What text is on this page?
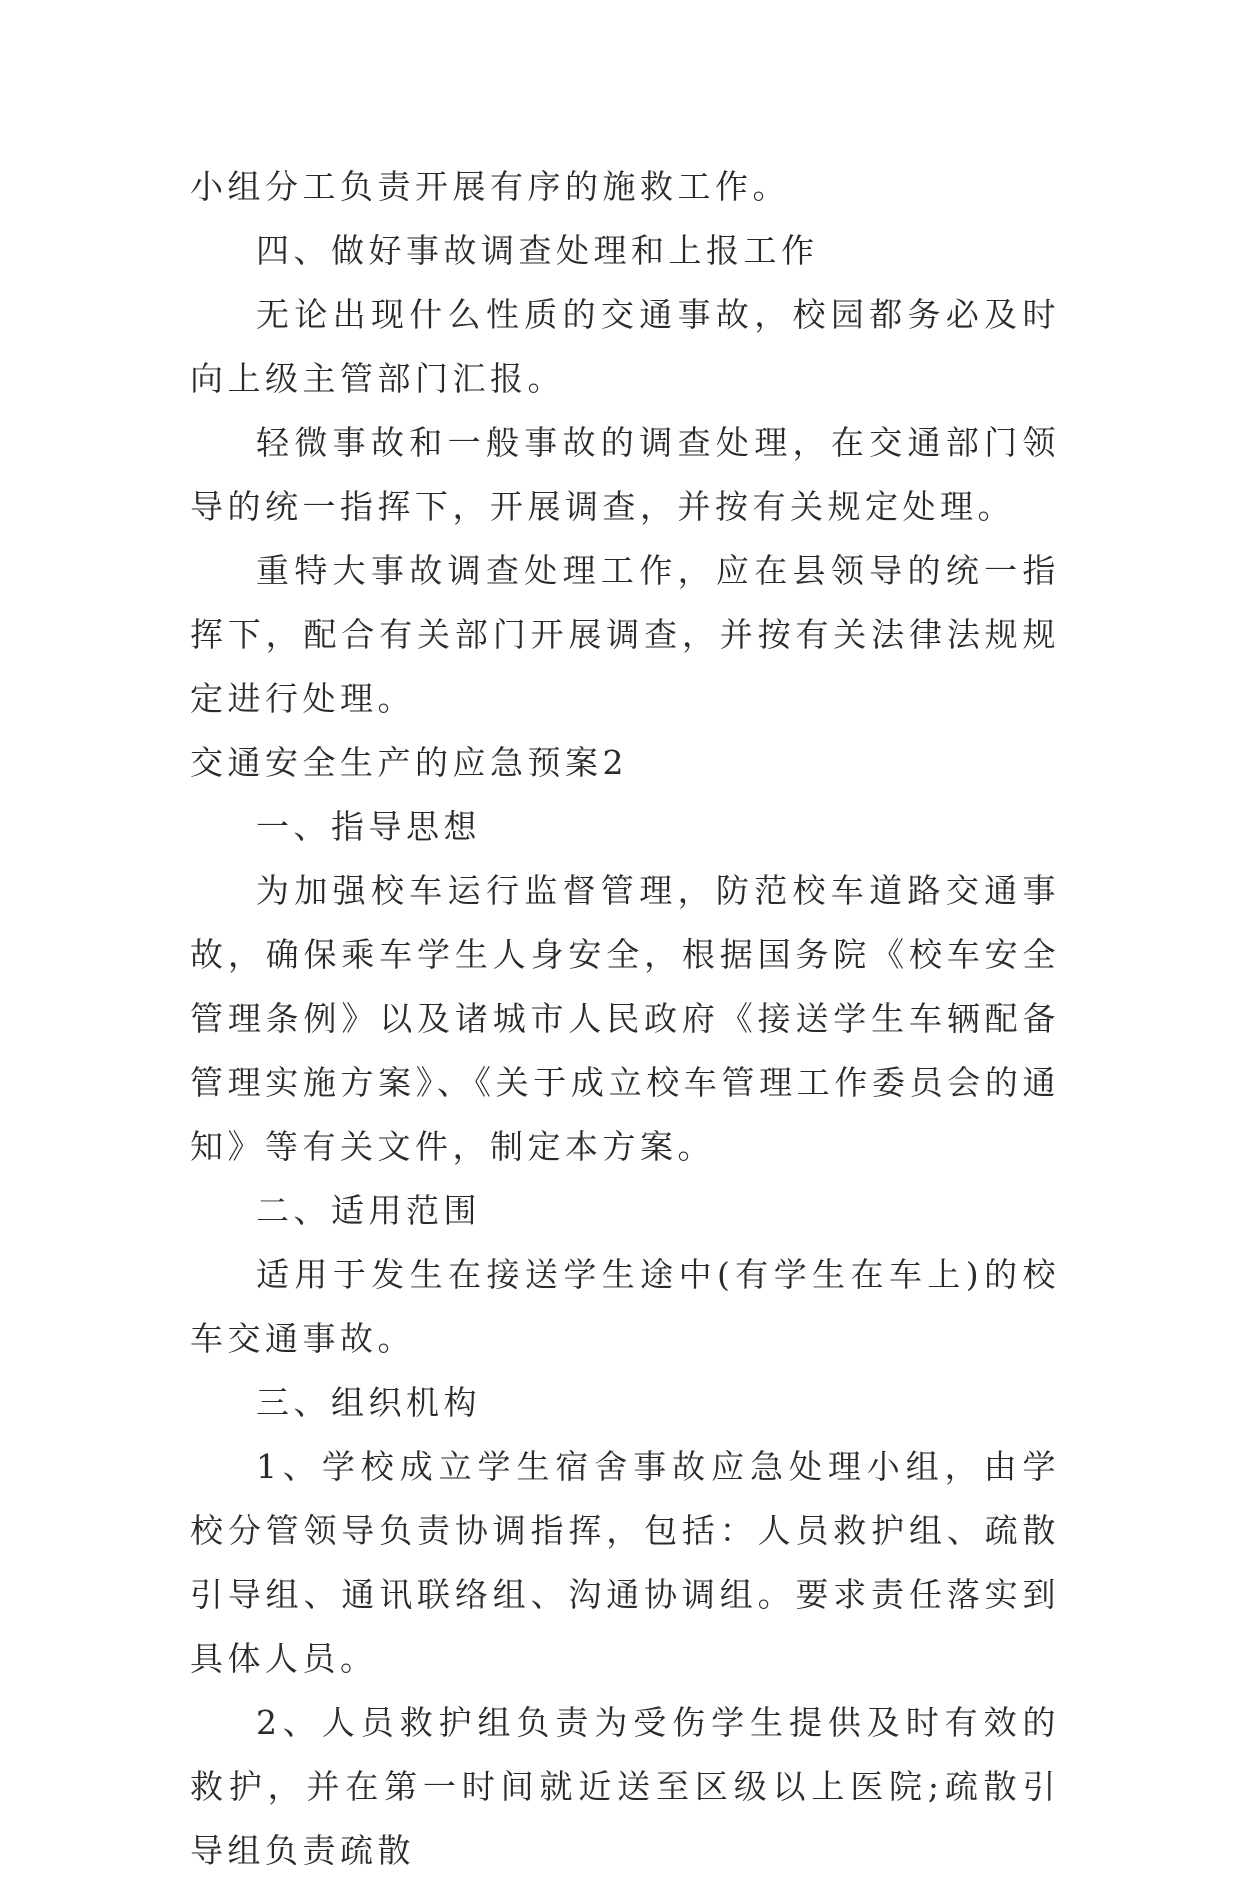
小组分工负责开展有序的施救工作。

四、做好事故调查处理和上报工作

无论出现什么性质的交通事故，校园都务必及时向上级主管部门汇报。

轻微事故和一般事故的调查处理，在交通部门领导的统一指挥下，开展调查，并按有关规定处理。

重特大事故调查处理工作，应在县领导的统一指挥下，配合有关部门开展调查，并按有关法律法规规定进行处理。

交通安全生产的应急预案2

一、指导思想

为加强校车运行监督管理，防范校车道路交通事故，确保乘车学生人身安全，根据国务院《校车安全管理条例》以及诸城市人民政府《接送学生车辆配备管理实施方案》、《关于成立校车管理工作委员会的通知》等有关文件，制定本方案。

二、适用范围

适用于发生在接送学生途中(有学生在车上)的校车交通事故。

三、组织机构

1、学校成立学生宿舍事故应急处理小组，由学校分管领导负责协调指挥，包括：人员救护组、疏散引导组、通讯联络组、沟通协调组。要求责任落实到具体人员。

2、人员救护组负责为受伤学生提供及时有效的救护，并在第一时间就近送至区级以上医院;疏散引导组负责疏散
